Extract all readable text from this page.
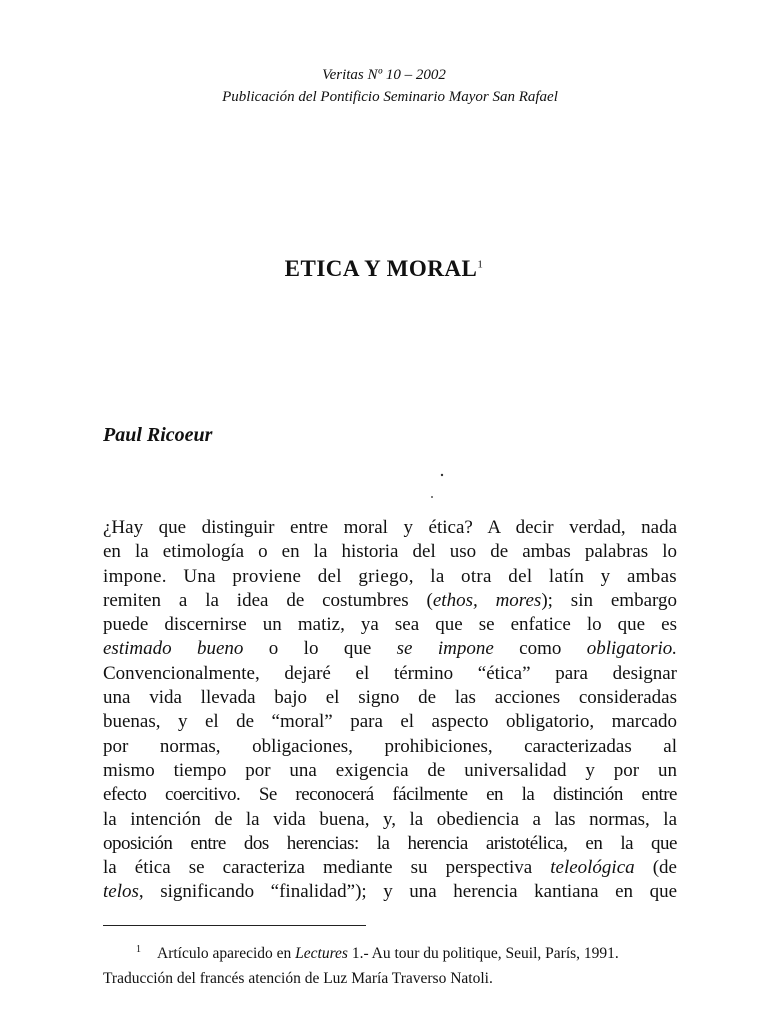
Veritas Nº 10 – 2002
Publicación del Pontificio Seminario Mayor San Rafael
ETICA Y MORAL$^1$
Paul Ricoeur
¿Hay que distinguir entre moral y ética? A decir verdad, nada
en la etimología o en la historia del uso de ambas palabras lo
impone. Una proviene del griego, la otra del latín y ambas
remiten a la idea de costumbres (ethos, mores); sin embargo
puede discernirse un matiz, ya sea que se enfatice lo que es
estimado bueno o lo que se impone como obligatorio.
Convencionalmente, dejaré el término “ética” para designar
una vida llevada bajo el signo de las acciones consideradas
buenas, y el de “moral” para el aspecto obligatorio, marcado
por normas, obligaciones, prohibiciones, caracterizadas al
mismo tiempo por una exigencia de universalidad y por un
efecto coercitivo. Se reconocerá fácilmente en la distinción entre
la intención de la vida buena, y, la obediencia a las normas, la
oposición entre dos herencias: la herencia aristotélica, en la que
la ética se caracteriza mediante su perspectiva teleológica (de
telos, significando “finalidad”); y una herencia kantiana en que
$^1$ Artículo aparecido en Lectures 1.- Au tour du politique, Seuil, París, 1991.
Traducción del francés atención de Luz María Traverso Natoli.
